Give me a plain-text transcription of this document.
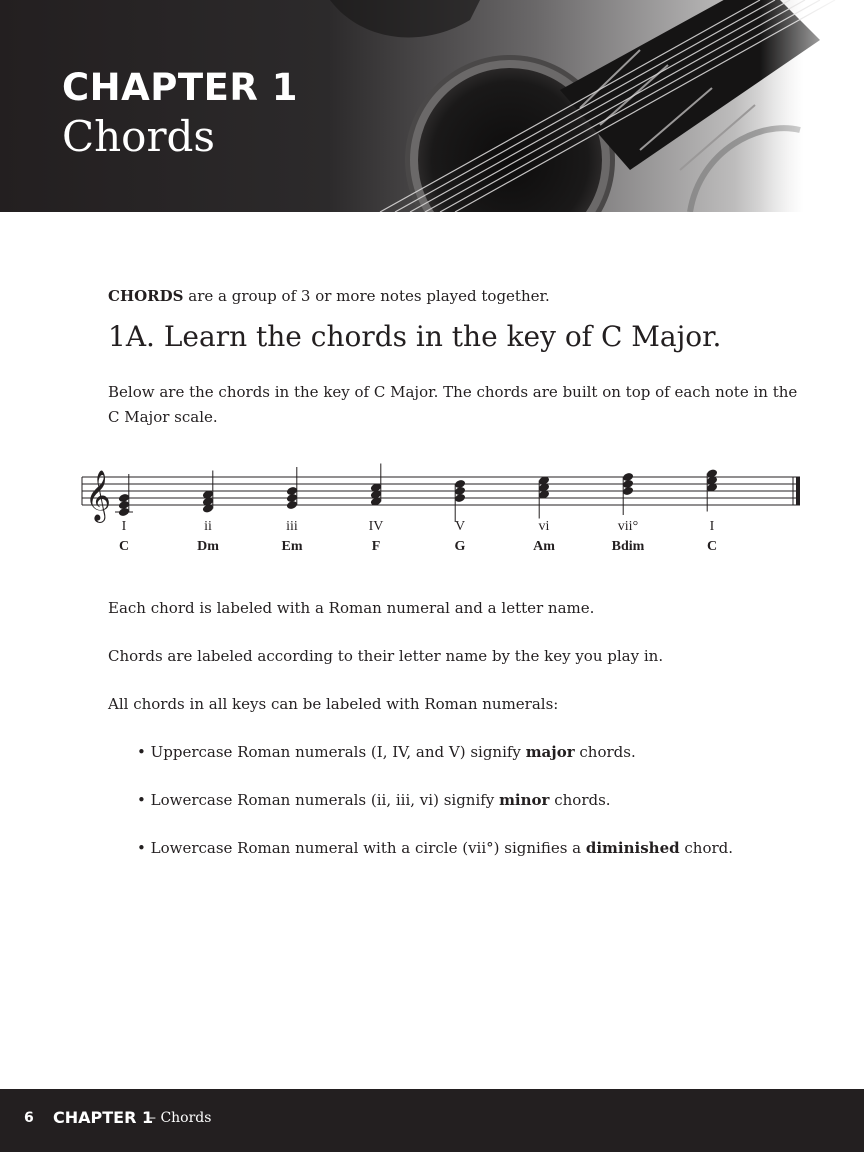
CHAPTER 1
Chords
CHORDS are a group of 3 or more notes played together.
1A. Learn the chords in the key of C Major.
Below are the chords in the key of C Major. The chords are built on top of each note in the
C Major scale.
𝄞
I	ii	iii	IV	V	vi	vii°	I
C	Dm	Em	F	G	Am	Bdim	C
Each chord is labeled with a Roman numeral and a letter name.
Chords are labeled according to their letter name by the key you play in.
All chords in all keys can be labeled with Roman numerals:
• Uppercase Roman numerals (I, IV, and V) signify major chords.
• Lowercase Roman numerals (ii, iii, vi) signify minor chords.
• Lowercase Roman numeral with a circle (vii°) signifies a diminished chord.
6 CHAPTER 1
– Chords
